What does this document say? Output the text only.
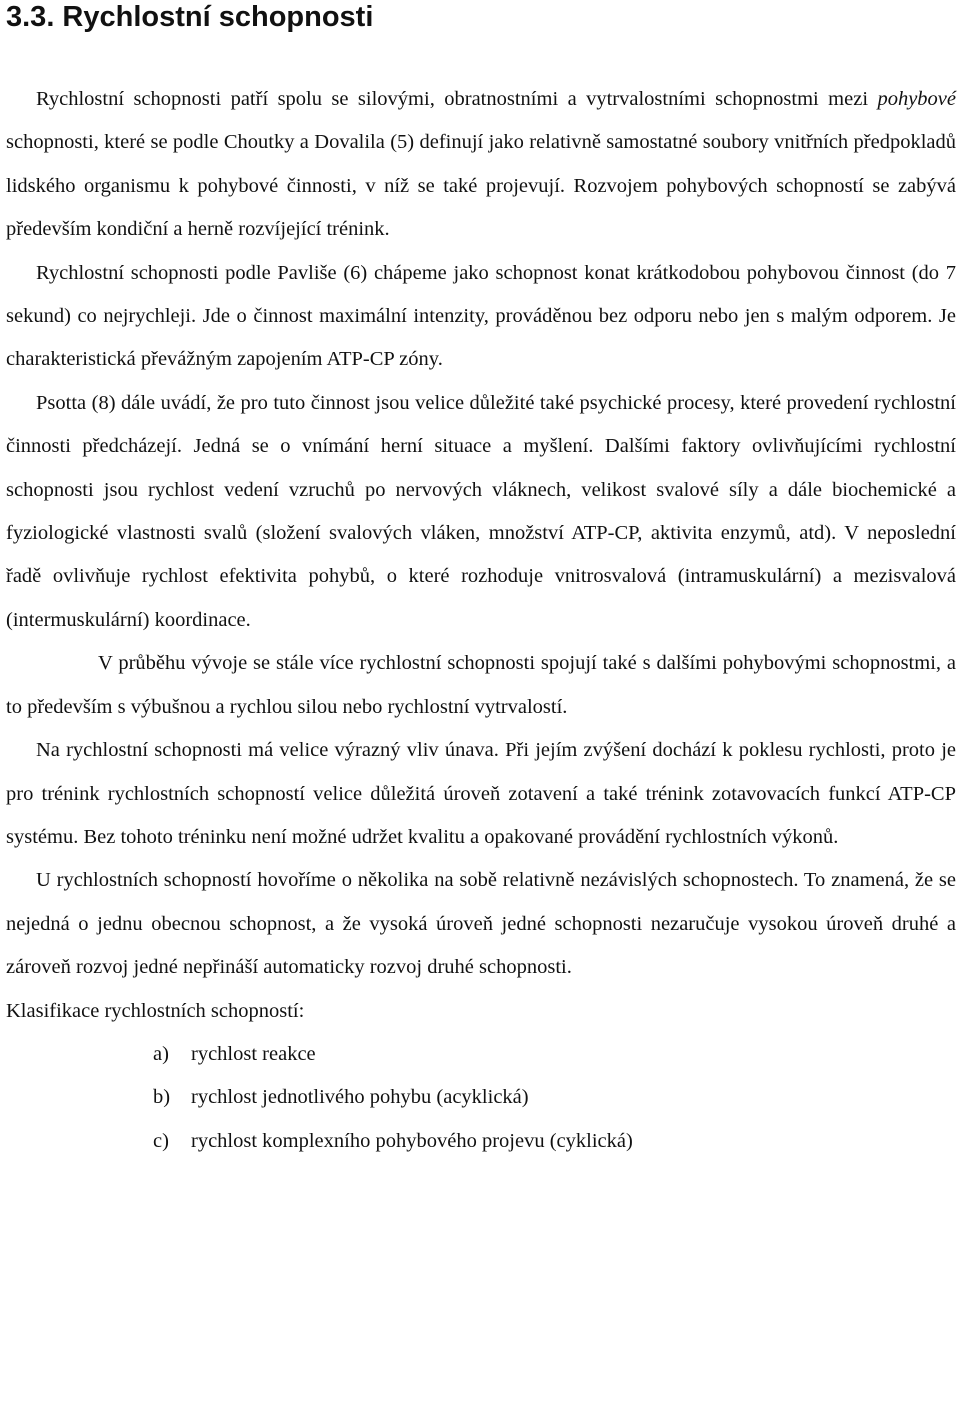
3.3. Rychlostní schopnosti

Rychlostní schopnosti patří spolu se silovými, obratnostními a vytrvalostními schopnostmi mezi pohybové schopnosti, které se podle Choutky a Dovalila (5) definují jako relativně samostatné soubory vnitřních předpokladů lidského organismu k pohybové činnosti, v níž se také projevují. Rozvojem pohybových schopností se zabývá především kondiční a herně rozvíjející trénink.

Rychlostní schopnosti podle Pavliše (6) chápeme jako schopnost konat krátkodobou pohybovou činnost (do 7 sekund) co nejrychleji. Jde o činnost maximální intenzity, prováděnou bez odporu nebo jen s malým odporem. Je charakteristická převážným zapojením ATP-CP zóny.

Psotta (8) dále uvádí, že pro tuto činnost jsou velice důležité také psychické procesy, které provedení rychlostní činnosti předcházejí. Jedná se o vnímání herní situace a myšlení. Dalšími faktory ovlivňujícími rychlostní schopnosti jsou rychlost vedení vzruchů po nervových vláknech, velikost svalové síly a dále biochemické a fyziologické vlastnosti svalů (složení svalových vláken, množství ATP-CP, aktivita enzymů, atd). V neposlední řadě ovlivňuje rychlost efektivita pohybů, o které rozhoduje vnitrosvalová (intramuskulární) a mezisvalová (intermuskulární) koordinace.

V průběhu vývoje se stále více rychlostní schopnosti spojují také s dalšími pohybovými schopnostmi, a to především s výbušnou a rychlou silou nebo rychlostní vytrvalostí.

Na rychlostní schopnosti má velice výrazný vliv únava. Při jejím zvýšení dochází k poklesu rychlosti, proto je pro trénink rychlostních schopností velice důležitá úroveň zotavení a také trénink zotavovacích funkcí ATP-CP systému. Bez tohoto tréninku není možné udržet kvalitu a opakované provádění rychlostních výkonů.

U rychlostních schopností hovoříme o několika na sobě relativně nezávislých schopnostech. To znamená, že se nejedná o jednu obecnou schopnost, a že vysoká úroveň jedné schopnosti nezaručuje vysokou úroveň druhé a zároveň rozvoj jedné nepřináší automaticky rozvoj druhé schopnosti.

Klasifikace rychlostních schopností:

a) rychlost reakce
b) rychlost jednotlivého pohybu (acyklická)
c) rychlost komplexního pohybového projevu (cyklická)
